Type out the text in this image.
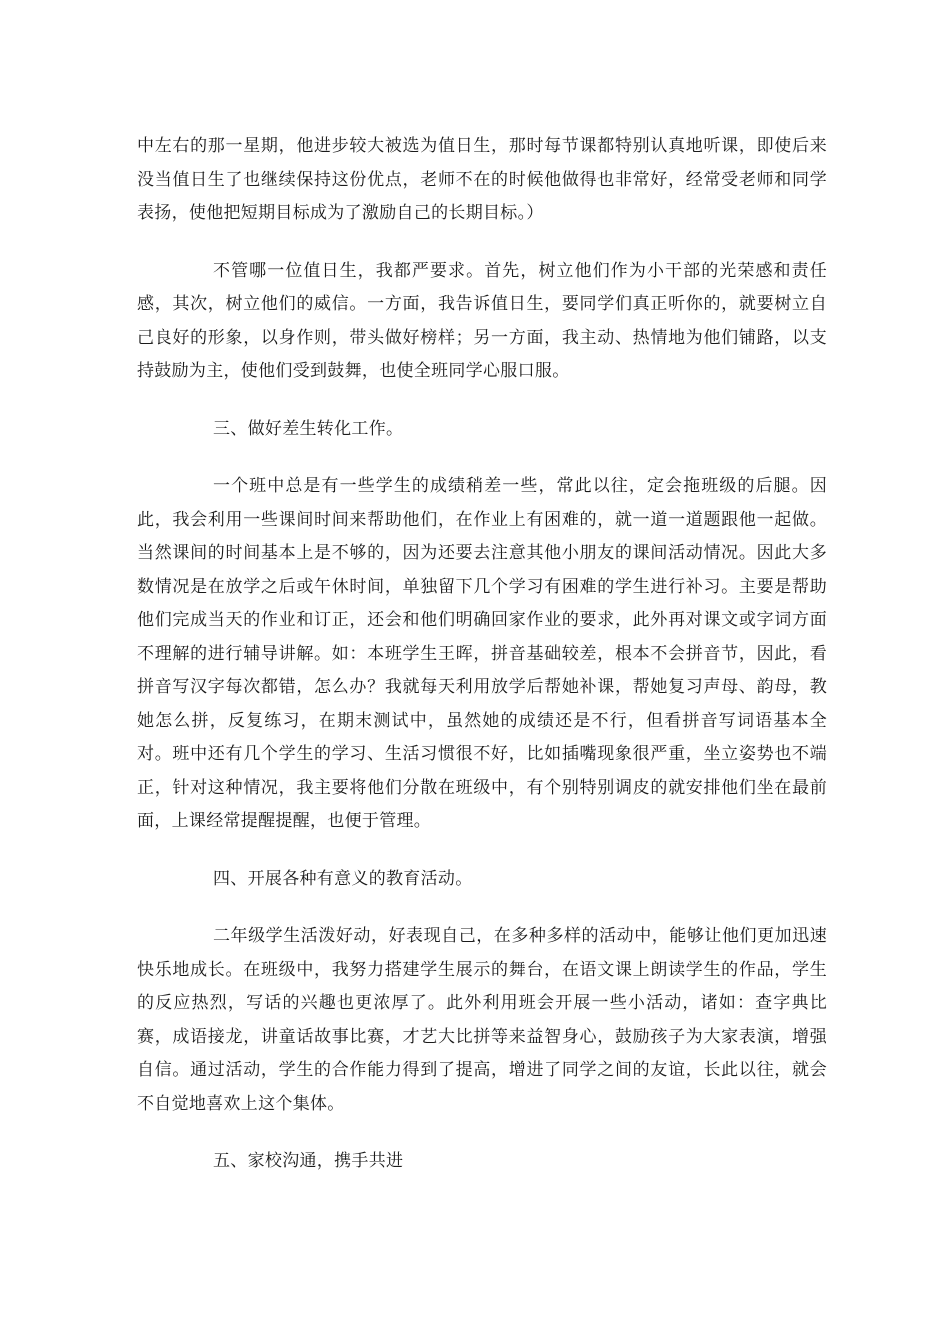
中左右的那一星期，他进步较大被选为值日生，那时每节课都特别认真地听课，即使后来没当值日生了也继续保持这份优点，老师不在的时候他做得也非常好，经常受老师和同学表扬，使他把短期目标成为了激励自己的长期目标。）

不管哪一位值日生，我都严要求。首先，树立他们作为小干部的光荣感和责任感，其次，树立他们的威信。一方面，我告诉值日生，要同学们真正听你的，就要树立自己良好的形象，以身作则，带头做好榜样；另一方面，我主动、热情地为他们铺路，以支持鼓励为主，使他们受到鼓舞，也使全班同学心服口服。

三、做好差生转化工作。

一个班中总是有一些学生的成绩稍差一些，常此以往，定会拖班级的后腿。因此，我会利用一些课间时间来帮助他们，在作业上有困难的，就一道一道题跟他一起做。当然课间的时间基本上是不够的，因为还要去注意其他小朋友的课间活动情况。因此大多数情况是在放学之后或午休时间，单独留下几个学习有困难的学生进行补习。主要是帮助他们完成当天的作业和订正，还会和他们明确回家作业的要求，此外再对课文或字词方面不理解的进行辅导讲解。如：本班学生王晖，拼音基础较差，根本不会拼音节，因此，看拼音写汉字每次都错，怎么办？我就每天利用放学后帮她补课，帮她复习声母、韵母，教她怎么拼，反复练习，在期末测试中，虽然她的成绩还是不行，但看拼音写词语基本全对。班中还有几个学生的学习、生活习惯很不好，比如插嘴现象很严重，坐立姿势也不端正，针对这种情况，我主要将他们分散在班级中，有个别特别调皮的就安排他们坐在最前面，上课经常提醒提醒，也便于管理。

四、开展各种有意义的教育活动。

二年级学生活泼好动，好表现自己，在多种多样的活动中，能够让他们更加迅速快乐地成长。在班级中，我努力搭建学生展示的舞台，在语文课上朗读学生的作品，学生的反应热烈，写话的兴趣也更浓厚了。此外利用班会开展一些小活动，诸如：查字典比赛，成语接龙，讲童话故事比赛，才艺大比拼等来益智身心，鼓励孩子为大家表演，增强自信。通过活动，学生的合作能力得到了提高，增进了同学之间的友谊，长此以往，就会不自觉地喜欢上这个集体。

五、家校沟通，携手共进
